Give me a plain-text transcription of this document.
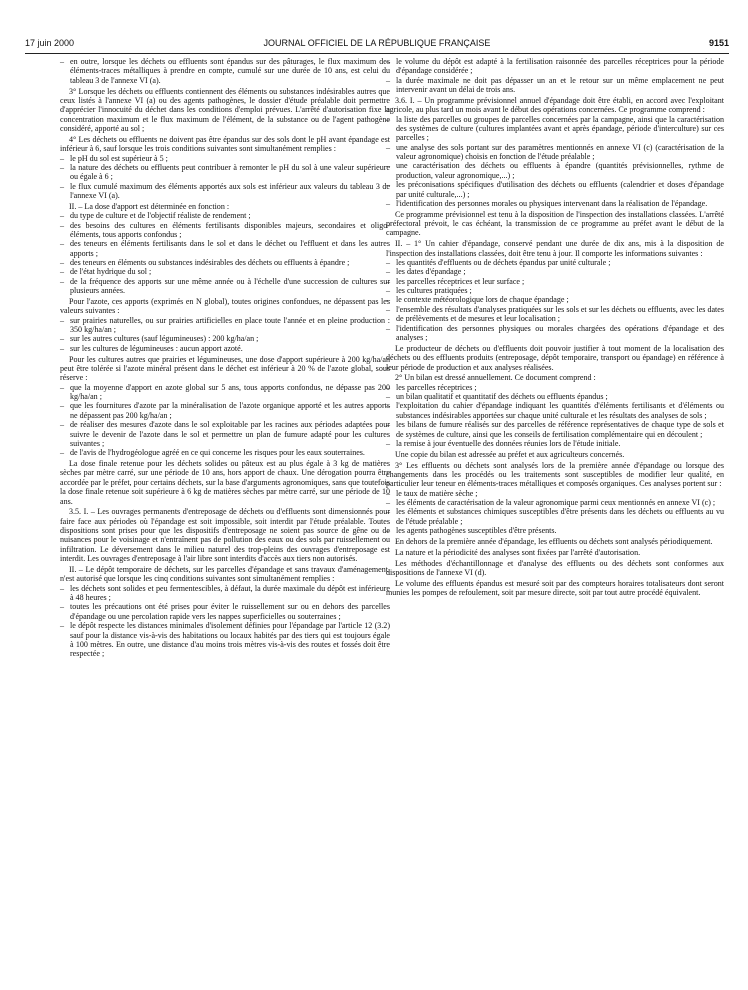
17 juin 2000	JOURNAL OFFICIEL DE LA RÉPUBLIQUE FRANÇAISE	9151

– en outre, lorsque les déchets ou effluents sont épandus sur des pâturages, le flux maximum des éléments-traces métalliques à prendre en compte, cumulé sur une durée de 10 ans, est celui du tableau 3 de l'annexe VI (a).

3° Lorsque les déchets ou effluents contiennent des éléments ou substances indésirables autres que ceux listés à l'annexe VI (a) ou des agents pathogènes, le dossier d'étude préalable doit permettre d'apprécier l'innocuité du déchet dans les conditions d'emploi prévues. L'arrêté d'autorisation fixe la concentration maximum et le flux maximum de l'élément, de la substance ou de l'agent pathogène considéré, apporté au sol ;

4° Les déchets ou effluents ne doivent pas être épandus sur des sols dont le pH avant épandage est inférieur à 6, sauf lorsque les trois conditions suivantes sont simultanément remplies :

– le pH du sol est supérieur à 5 ;

– la nature des déchets ou effluents peut contribuer à remonter le pH du sol à une valeur supérieure ou égale à 6 ;

– le flux cumulé maximum des éléments apportés aux sols est inférieur aux valeurs du tableau 3 de l'annexe VI (a).

II. – La dose d'apport est déterminée en fonction :

– du type de culture et de l'objectif réaliste de rendement ;

– des besoins des cultures en éléments fertilisants disponibles majeurs, secondaires et oligo-éléments, tous apports confondus ;

– des teneurs en éléments fertilisants dans le sol et dans le déchet ou l'effluent et dans les autres apports ;

– des teneurs en éléments ou substances indésirables des déchets ou effluents à épandre ;

– de l'état hydrique du sol ;

– de la fréquence des apports sur une même année ou à l'échelle d'une succession de cultures sur plusieurs années.

Pour l'azote, ces apports (exprimés en N global), toutes origines confondues, ne dépassent pas les valeurs suivantes :

– sur prairies naturelles, ou sur prairies artificielles en place toute l'année et en pleine production : 350 kg/ha/an ;

– sur les autres cultures (sauf légumineuses) : 200 kg/ha/an ;

– sur les cultures de légumineuses : aucun apport azoté.

Pour les cultures autres que prairies et légumineuses, une dose d'apport supérieure à 200 kg/ha/an peut être tolérée si l'azote minéral présent dans le déchet est inférieur à 20 % de l'azote global, sous réserve :

– que la moyenne d'apport en azote global sur 5 ans, tous apports confondus, ne dépasse pas 200 kg/ha/an ;

– que les fournitures d'azote par la minéralisation de l'azote organique apporté et les autres apports ne dépassent pas 200 kg/ha/an ;

– de réaliser des mesures d'azote dans le sol exploitable par les racines aux périodes adaptées pour suivre le devenir de l'azote dans le sol et permettre un plan de fumure adapté pour les cultures suivantes ;

– de l'avis de l'hydrogéologue agréé en ce qui concerne les risques pour les eaux souterraines.

La dose finale retenue pour les déchets solides ou pâteux est au plus égale à 3 kg de matières sèches par mètre carré, sur une période de 10 ans, hors apport de chaux. Une dérogation pourra être accordée par le préfet, pour certains déchets, sur la base d'arguments agronomiques, sans que toutefois la dose finale retenue soit supérieure à 6 kg de matières sèches par mètre carré, sur une période de 10 ans.

3.5. I. – Les ouvrages permanents d'entreposage de déchets ou d'effluents sont dimensionnés pour faire face aux périodes où l'épandage est soit impossible, soit interdit par l'étude préalable. Toutes dispositions sont prises pour que les dispositifs d'entreposage ne soient pas source de gêne ou de nuisances pour le voisinage et n'entraînent pas de pollution des eaux ou des sols par ruissellement ou infiltration. Le déversement dans le milieu naturel des trop-pleins des ouvrages d'entreposage est interdit. Les ouvrages d'entreposage à l'air libre sont interdits d'accès aux tiers non autorisés.

II. – Le dépôt temporaire de déchets, sur les parcelles d'épandage et sans travaux d'aménagement, n'est autorisé que lorsque les cinq conditions suivantes sont simultanément remplies :

– les déchets sont solides et peu fermentescibles, à défaut, la durée maximale du dépôt est inférieure à 48 heures ;

– toutes les précautions ont été prises pour éviter le ruissellement sur ou en dehors des parcelles d'épandage ou une percolation rapide vers les nappes superficielles ou souterraines ;

– le dépôt respecte les distances minimales d'isolement définies pour l'épandage par l'article 12 (3.2) sauf pour la distance vis-à-vis des habitations ou locaux habités par des tiers qui est toujours égale à 100 mètres. En outre, une distance d'au moins trois mètres vis-à-vis des routes et fossés doit être respectée ;

– le volume du dépôt est adapté à la fertilisation raisonnée des parcelles réceptrices pour la période d'épandage considérée ;

– la durée maximale ne doit pas dépasser un an et le retour sur un même emplacement ne peut intervenir avant un délai de trois ans.

3.6. I. – Un programme prévisionnel annuel d'épandage doit être établi, en accord avec l'exploitant agricole, au plus tard un mois avant le début des opérations concernées. Ce programme comprend :

– la liste des parcelles ou groupes de parcelles concernées par la campagne, ainsi que la caractérisation des systèmes de culture (cultures implantées avant et après épandage, période d'interculture) sur ces parcelles ;

– une analyse des sols portant sur des paramètres mentionnés en annexe VI (c) (caractérisation de la valeur agronomique) choisis en fonction de l'étude préalable ;

– une caractérisation des déchets ou effluents à épandre (quantités prévisionnelles, rythme de production, valeur agronomique,...) ;

– les préconisations spécifiques d'utilisation des déchets ou effluents (calendrier et doses d'épandage par unité culturale,...) ;

– l'identification des personnes morales ou physiques intervenant dans la réalisation de l'épandage.

Ce programme prévisionnel est tenu à la disposition de l'inspection des installations classées. L'arrêté préfectoral prévoit, le cas échéant, la transmission de ce programme au préfet avant le début de la campagne.

II. – 1° Un cahier d'épandage, conservé pendant une durée de dix ans, mis à la disposition de l'inspection des installations classées, doit être tenu à jour. Il comporte les informations suivantes :

– les quantités d'effluents ou de déchets épandus par unité culturale ;

– les dates d'épandage ;

– les parcelles réceptrices et leur surface ;

– les cultures pratiquées ;

– le contexte météorologique lors de chaque épandage ;

– l'ensemble des résultats d'analyses pratiquées sur les sols et sur les déchets ou effluents, avec les dates de prélèvements et de mesures et leur localisation ;

– l'identification des personnes physiques ou morales chargées des opérations d'épandage et des analyses ;

Le producteur de déchets ou d'effluents doit pouvoir justifier à tout moment de la localisation des déchets ou des effluents produits (entreposage, dépôt temporaire, transport ou épandage) en référence à leur période de production et aux analyses réalisées.

2° Un bilan est dressé annuellement. Ce document comprend :

– les parcelles réceptrices ;

– un bilan qualitatif et quantitatif des déchets ou effluents épandus ;

– l'exploitation du cahier d'épandage indiquant les quantités d'éléments fertilisants et d'éléments ou substances indésirables apportées sur chaque unité culturale et les résultats des analyses de sols ;

– les bilans de fumure réalisés sur des parcelles de référence représentatives de chaque type de sols et de systèmes de culture, ainsi que les conseils de fertilisation complémentaire qui en découlent ;

– la remise à jour éventuelle des données réunies lors de l'étude initiale.

Une copie du bilan est adressée au préfet et aux agriculteurs concernés.

3° Les effluents ou déchets sont analysés lors de la première année d'épandage ou lorsque des changements dans les procédés ou les traitements sont susceptibles de modifier leur qualité, en particulier leur teneur en éléments-traces métalliques et composés organiques. Ces analyses portent sur :

– le taux de matière sèche ;

– les éléments de caractérisation de la valeur agronomique parmi ceux mentionnés en annexe VI (c) ;

– les éléments et substances chimiques susceptibles d'être présents dans les déchets ou effluents au vu de l'étude préalable ;

– les agents pathogènes susceptibles d'être présents.

En dehors de la première année d'épandage, les effluents ou déchets sont analysés périodiquement.

La nature et la périodicité des analyses sont fixées par l'arrêté d'autorisation.

Les méthodes d'échantillonnage et d'analyse des effluents ou des déchets sont conformes aux dispositions de l'annexe VI (d).

Le volume des effluents épandus est mesuré soit par des compteurs horaires totalisateurs dont seront munies les pompes de refoulement, soit par mesure directe, soit par tout autre procédé équivalent.
